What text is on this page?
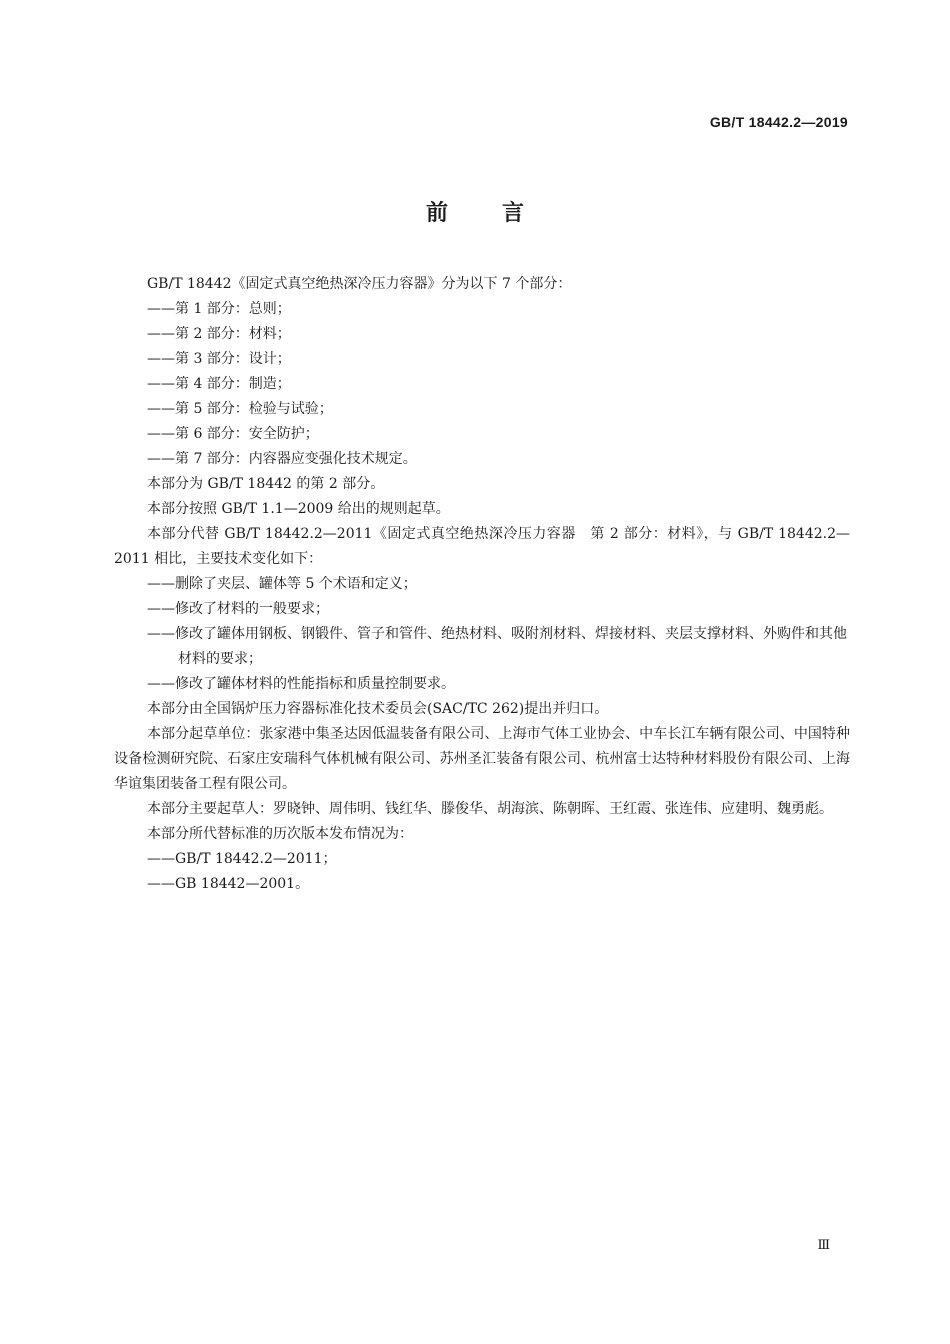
GB/T 18442.2—2019
前言

GB/T 18442《固定式真空绝热深冷压力容器》分为以下 7 个部分：

——第 1 部分：总则；

——第 2 部分：材料；

——第 3 部分：设计；

——第 4 部分：制造；

——第 5 部分：检验与试验；

——第 6 部分：安全防护；

——第 7 部分：内容器应变强化技术规定。

本部分为 GB/T 18442 的第 2 部分。

本部分按照 GB/T 1.1—2009 给出的规则起草。

本部分代替 GB/T 18442.2—2011《固定式真空绝热深冷压力容器　第 2 部分：材料》，与 GB/T 18442.2—2011 相比，主要技术变化如下：

——删除了夹层、罐体等 5 个术语和定义；

——修改了材料的一般要求；

——修改了罐体用钢板、钢锻件、管子和管件、绝热材料、吸附剂材料、焊接材料、夹层支撑材料、外购件和其他材料的要求；

——修改了罐体材料的性能指标和质量控制要求。

本部分由全国锅炉压力容器标准化技术委员会(SAC/TC 262)提出并归口。

本部分起草单位：张家港中集圣达因低温装备有限公司、上海市气体工业协会、中车长江车辆有限公司、中国特种设备检测研究院、石家庄安瑞科气体机械有限公司、苏州圣汇装备有限公司、杭州富士达特种材料股份有限公司、上海华谊集团装备工程有限公司。

本部分主要起草人：罗晓钟、周伟明、钱红华、滕俊华、胡海滨、陈朝晖、王红霞、张连伟、应建明、魏勇彪。

本部分所代替标准的历次版本发布情况为：

——GB/T 18442.2—2011；

——GB 18442—2001。

Ⅲ
